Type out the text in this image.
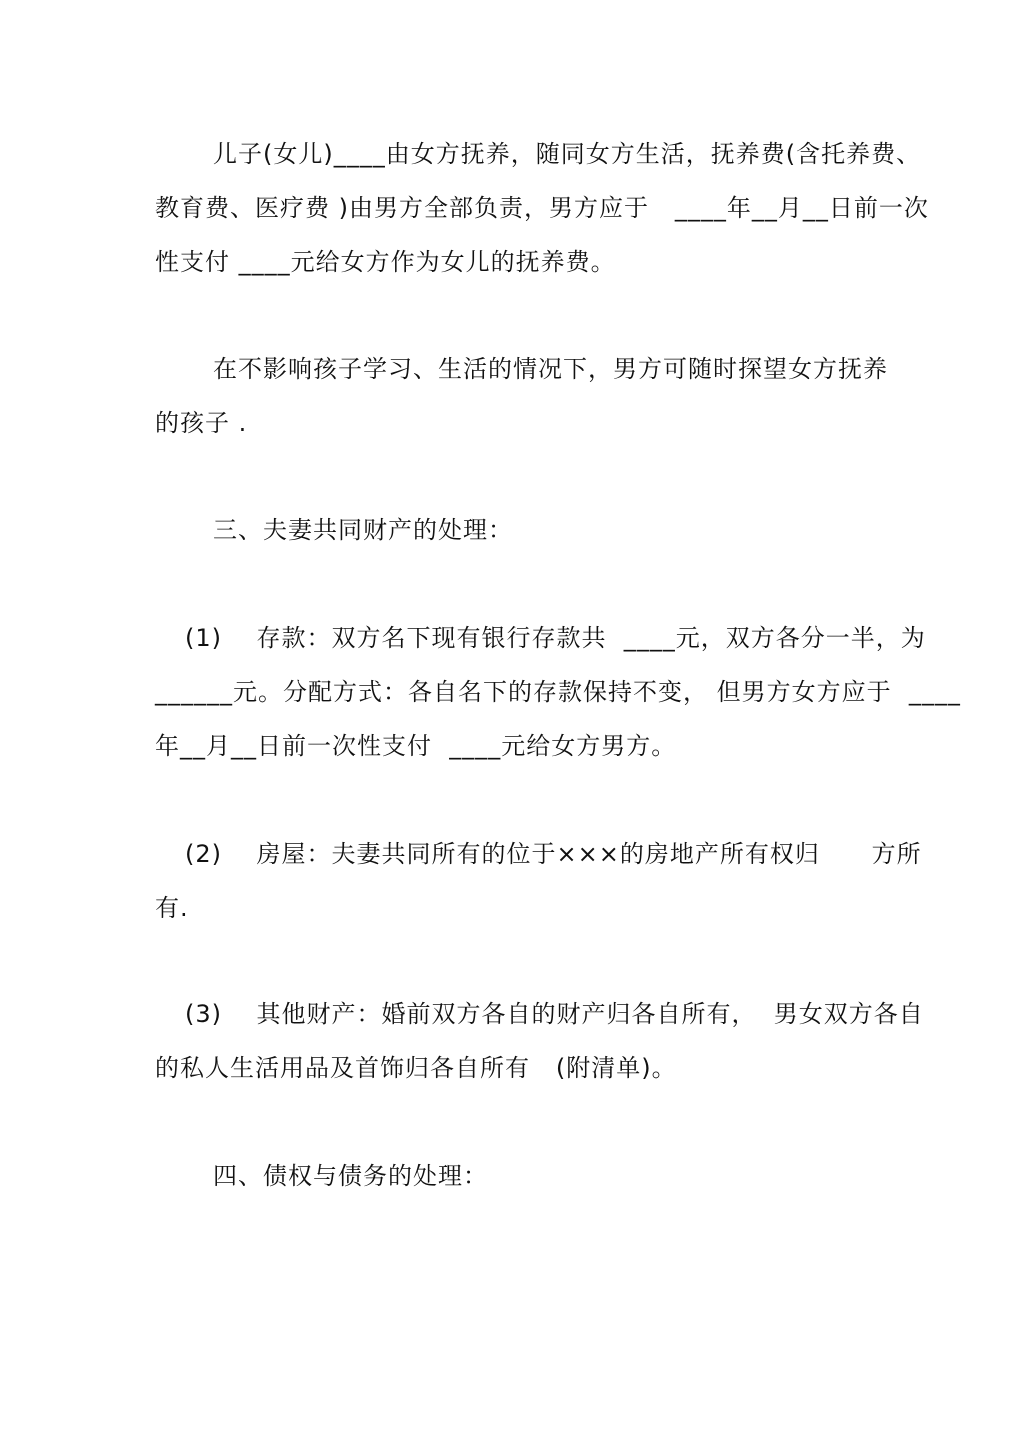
儿子(女儿)____由女方抚养，随同女方生活，抚养费(含托养费、
教育费、医疗费 )由男方全部负责，男方应于   ____年__月__日前一次
性支付 ____元给女方作为女儿的抚养费。
在不影响孩子学习、生活的情况下，男方可随时探望女方抚养
的孩子 .
三、夫妻共同财产的处理：
(1)    存款：双方名下现有银行存款共  ____元，双方各分一半，为
______元。分配方式：各自名下的存款保持不变， 但男方女方应于  ____
年__月__日前一次性支付  ____元给女方男方。
(2)    房屋：夫妻共同所有的位于×××的房地产所有权归      方所
有.
(3)    其他财产：婚前双方各自的财产归各自所有，  男女双方各自
的私人生活用品及首饰归各自所有   (附清单)。
四、债权与债务的处理：
